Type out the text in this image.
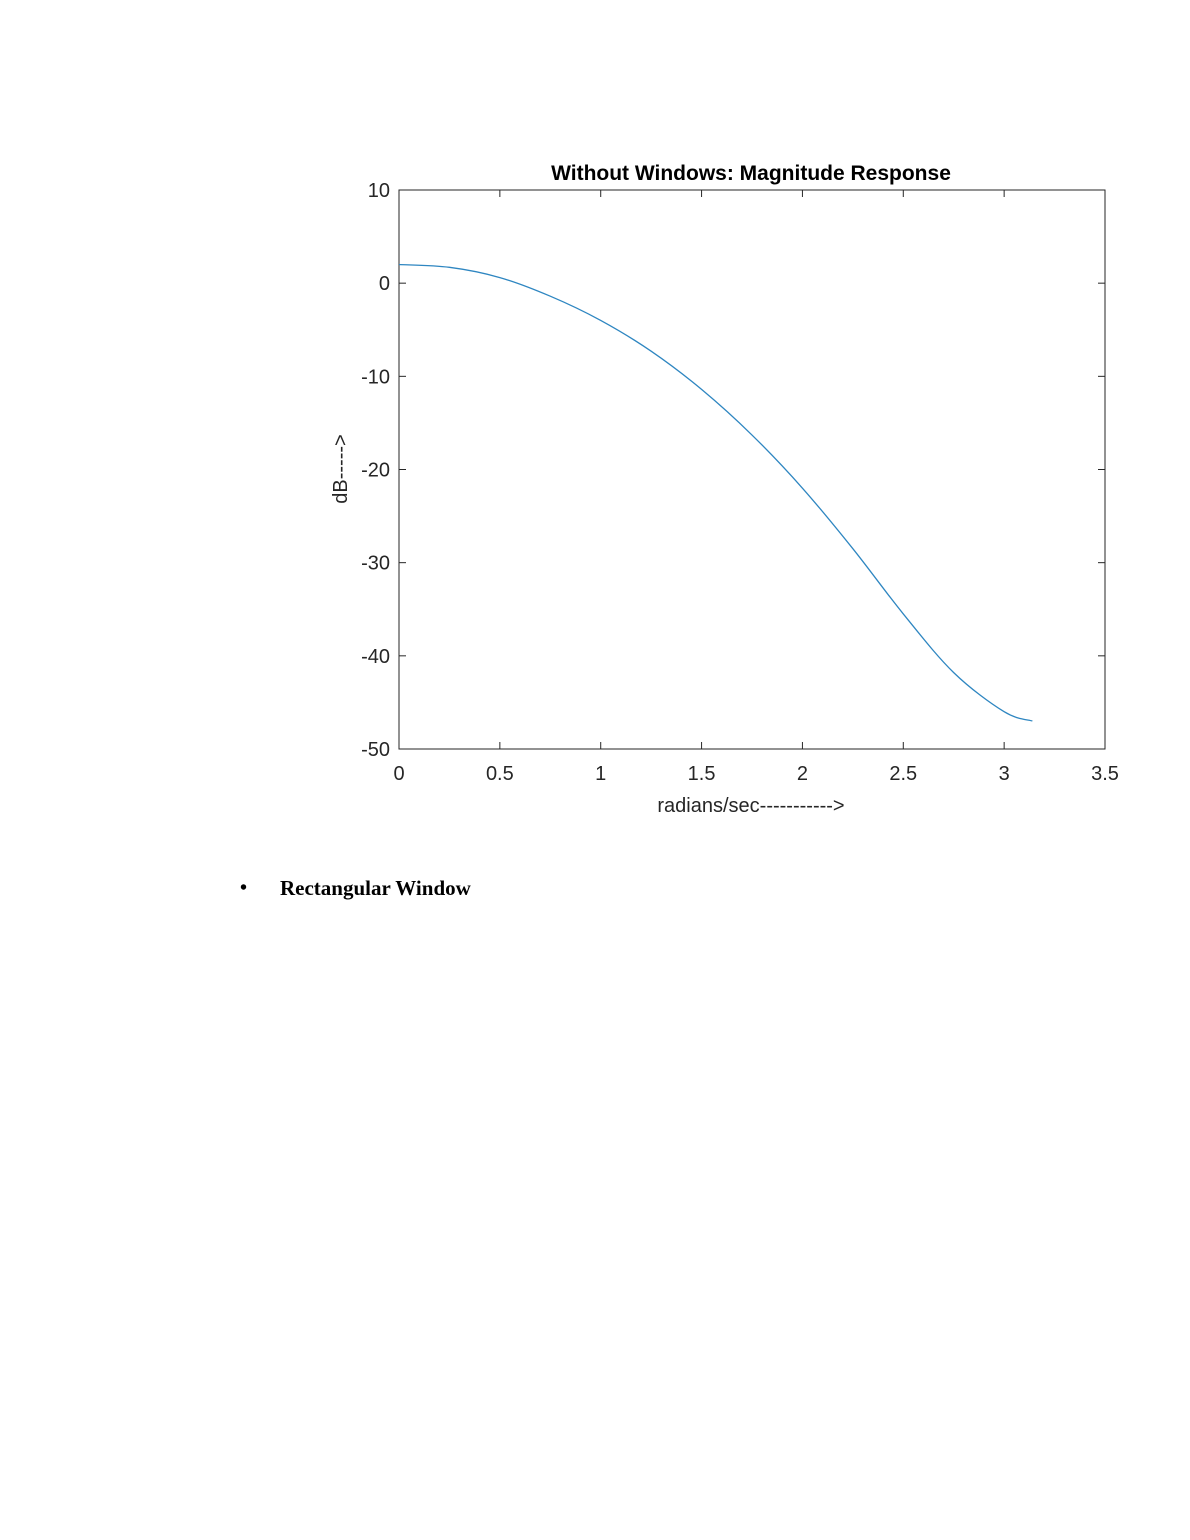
Without Windows: Magnitude Response
0	0.5	1	1.5	2	2.5	3	3.5
10
0
-10
-20
-30
-40
-50
radians/sec----------->
dB----->
•	Rectangular Window
